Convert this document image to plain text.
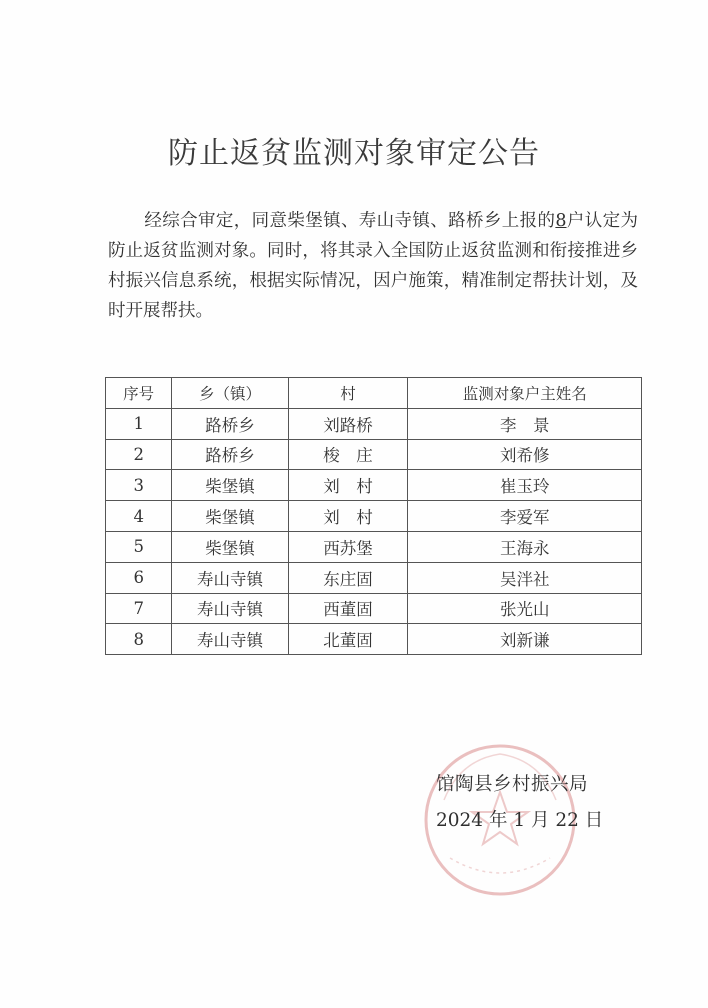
防止返贫监测对象审定公告

经综合审定，同意柴堡镇、寿山寺镇、路桥乡上报的8户认定为防止返贫监测对象。同时，将其录入全国防止返贫监测和衔接推进乡村振兴信息系统，根据实际情况，因户施策，精准制定帮扶计划，及时开展帮扶。

序号	乡（镇）	村	监测对象户主姓名
1	路桥乡	刘路桥	李　景
2	路桥乡	梭　庄	刘希修
3	柴堡镇	刘　村	崔玉玲
4	柴堡镇	刘　村	李爱军
5	柴堡镇	西苏堡	王海永
6	寿山寺镇	东庄固	吴泮社
7	寿山寺镇	西董固	张光山
8	寿山寺镇	北董固	刘新谦
馆陶县乡村振兴局
2024 年 1 月 22 日
